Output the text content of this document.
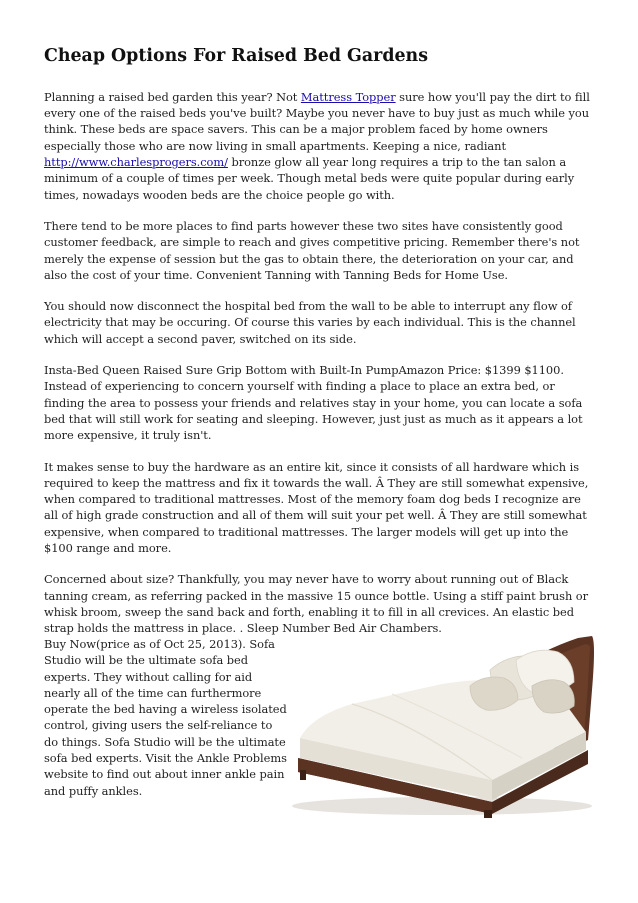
Cheap Options For Raised Bed Gardens

Planning a raised bed garden this year? Not Mattress Topper sure how you'll pay the dirt to fill every one of the raised beds you've built? Maybe you never have to buy just as much while you think. These beds are space savers. This can be a major problem faced by home owners especially those who are now living in small apartments. Keeping a nice, radiant http://www.charlesprogers.com/ bronze glow all year long requires a trip to the tan salon a minimum of a couple of times per week. Though metal beds were quite popular during early times, nowadays wooden beds are the choice people go with.

There tend to be more places to find parts however these two sites have consistently good customer feedback, are simple to reach and gives competitive pricing. Remember there's not merely the expense of session but the gas to obtain there, the deterioration on your car, and also the cost of your time. Convenient Tanning with Tanning Beds for Home Use.

You should now disconnect the hospital bed from the wall to be able to interrupt any flow of electricity that may be occuring. Of course this varies by each individual. This is the channel which will accept a second paver, switched on its side.

Insta-Bed Queen Raised Sure Grip Bottom with Built-In PumpAmazon Price: $1399 $1100. Instead of experiencing to concern yourself with finding a place to place an extra bed, or finding the area to possess your friends and relatives stay in your home, you can locate a sofa bed that will still work for seating and sleeping. However, just just as much as it appears a lot more expensive, it truly isn't.

It makes sense to buy the hardware as an entire kit, since it consists of all hardware which is required to keep the mattress and fix it towards the wall. Â They are still somewhat expensive, when compared to traditional mattresses. Most of the memory foam dog beds I recognize are all of high grade construction and all of them will suit your pet well. Â They are still somewhat expensive, when compared to traditional mattresses. The larger models will get up into the $100 range and more.

Concerned about size? Thankfully, you may never have to worry about running out of Black tanning cream, as referring packed in the massive 15 ounce bottle. Using a stiff paint brush or whisk broom, sweep the sand back and forth, enabling it to fill in all crevices. An elastic bed strap holds the mattress in place. . Sleep Number Bed Air Chambers.

Buy Now(price as of Oct 25, 2013). Sofa Studio will be the ultimate sofa bed experts. They without calling for aid nearly all of the time can furthermore operate the bed having a wireless isolated control, giving users the self-reliance to do things. Sofa Studio will be the ultimate sofa bed experts. Visit the Ankle Problems website to find out about inner ankle pain and puffy ankles.
